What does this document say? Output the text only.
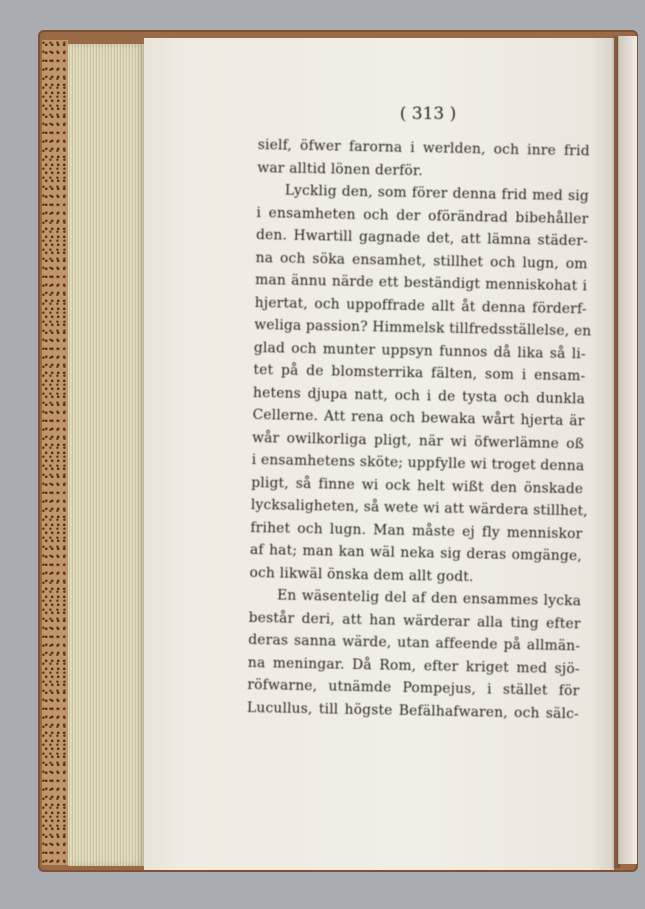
( 313 )
sielf, öfwer farorna i werlden, och inre frid
war alltid lönen derför.
Lycklig den, som förer denna frid med sig
i ensamheten och der oförändrad bibehåller
den. Hwartill gagnade det, att lämna städer-
na och söka ensamhet, stillhet och lugn, om
man ännu närde ett beständigt menniskohat i
hjertat, och uppoffrade allt åt denna förderf-
weliga passion? Himmelsk tillfredsställelse, en
glad och munter uppsyn funnos då lika så li-
tet på de blomsterrika fälten, som i ensam-
hetens djupa natt, och i de tysta och dunkla
Cellerne. Att rena och bewaka wårt hjerta är
wår owilkorliga pligt, när wi öfwerlämne oß
i ensamhetens sköte; uppfylle wi troget denna
pligt, så finne wi ock helt wißt den önskade
lycksaligheten, så wete wi att wärdera stillhet,
frihet och lugn. Man måste ej fly menniskor
af hat; man kan wäl neka sig deras omgänge,
och likwäl önska dem allt godt.
En wäsentelig del af den ensammes lycka
består deri, att han wärderar alla ting efter
deras sanna wärde, utan affeende på allmän-
na meningar. Då Rom, efter kriget med sjö-
röfwarne, utnämde Pompejus, i stället för
Lucullus, till högste Befälhafwaren, och sälc-
